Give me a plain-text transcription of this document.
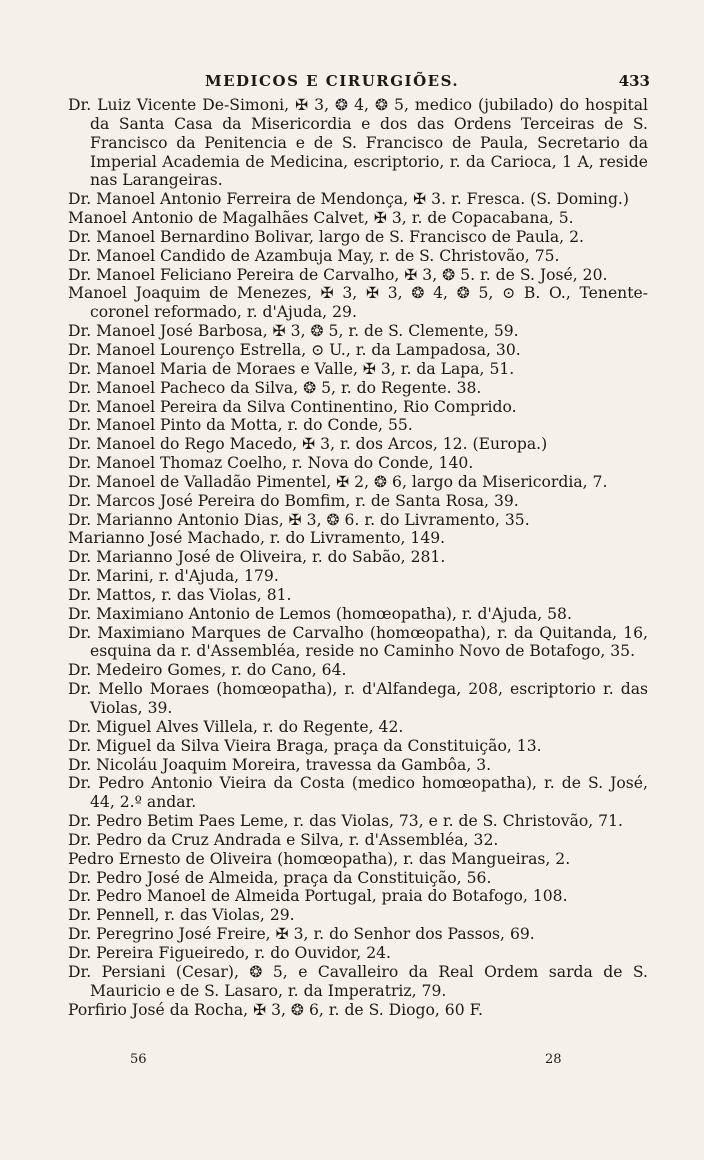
MEDICOS E CIRURGIÕES.	433
Dr. Luiz Vicente De-Simoni, ✠ 3, ❂ 4, ❂ 5, medico (jubilado) do hospital da Santa Casa da Misericordia e dos das Ordens Terceiras de S. Francisco da Penitencia e de S. Francisco de Paula, Secretario da Imperial Academia de Medicina, escriptorio, r. da Carioca, 1 A, reside nas Larangeiras.
Dr. Manoel Antonio Ferreira de Mendonça, ✠ 3. r. Fresca. (S. Doming.)
Manoel Antonio de Magalhães Calvet, ✠ 3, r. de Copacabana, 5.
Dr. Manoel Bernardino Bolivar, largo de S. Francisco de Paula, 2.
Dr. Manoel Candido de Azambuja May, r. de S. Christovão, 75.
Dr. Manoel Feliciano Pereira de Carvalho, ✠ 3, ❂ 5. r. de S. José, 20.
Manoel Joaquim de Menezes, ✠ 3, ✠ 3, ❂ 4, ❂ 5, ⊙ B. O., Tenente-coronel reformado, r. d'Ajuda, 29.
Dr. Manoel José Barbosa, ✠ 3, ❂ 5, r. de S. Clemente, 59.
Dr. Manoel Lourenço Estrella, ⊙ U., r. da Lampadosa, 30.
Dr. Manoel Maria de Moraes e Valle, ✠ 3, r. da Lapa, 51.
Dr. Manoel Pacheco da Silva, ❂ 5, r. do Regente. 38.
Dr. Manoel Pereira da Silva Continentino, Rio Comprido.
Dr. Manoel Pinto da Motta, r. do Conde, 55.
Dr. Manoel do Rego Macedo, ✠ 3, r. dos Arcos, 12. (Europa.)
Dr. Manoel Thomaz Coelho, r. Nova do Conde, 140.
Dr. Manoel de Valladão Pimentel, ✠ 2, ❂ 6, largo da Misericordia, 7.
Dr. Marcos José Pereira do Bomfim, r. de Santa Rosa, 39.
Dr. Marianno Antonio Dias, ✠ 3, ❂ 6. r. do Livramento, 35.
Marianno José Machado, r. do Livramento, 149.
Dr. Marianno José de Oliveira, r. do Sabão, 281.
Dr. Marini, r. d'Ajuda, 179.
Dr. Mattos, r. das Violas, 81.
Dr. Maximiano Antonio de Lemos (homœopatha), r. d'Ajuda, 58.
Dr. Maximiano Marques de Carvalho (homœopatha), r. da Quitanda, 16, esquina da r. d'Assembléa, reside no Caminho Novo de Botafogo, 35.
Dr. Medeiro Gomes, r. do Cano, 64.
Dr. Mello Moraes (homœopatha), r. d'Alfandega, 208, escriptorio r. das Violas, 39.
Dr. Miguel Alves Villela, r. do Regente, 42.
Dr. Miguel da Silva Vieira Braga, praça da Constituição, 13.
Dr. Nicoláu Joaquim Moreira, travessa da Gambôa, 3.
Dr. Pedro Antonio Vieira da Costa (medico homœopatha), r. de S. José, 44, 2.º andar.
Dr. Pedro Betim Paes Leme, r. das Violas, 73, e r. de S. Christovão, 71.
Dr. Pedro da Cruz Andrada e Silva, r. d'Assembléa, 32.
Pedro Ernesto de Oliveira (homœopatha), r. das Mangueiras, 2.
Dr. Pedro José de Almeida, praça da Constituição, 56.
Dr. Pedro Manoel de Almeida Portugal, praia do Botafogo, 108.
Dr. Pennell, r. das Violas, 29.
Dr. Peregrino José Freire, ✠ 3, r. do Senhor dos Passos, 69.
Dr. Pereira Figueiredo, r. do Ouvidor, 24.
Dr. Persiani (Cesar), ❂ 5, e Cavalleiro da Real Ordem sarda de S. Mauricio e de S. Lasaro, r. da Imperatriz, 79.
Porfirio José da Rocha, ✠ 3, ❂ 6, r. de S. Diogo, 60 F.
56	28
